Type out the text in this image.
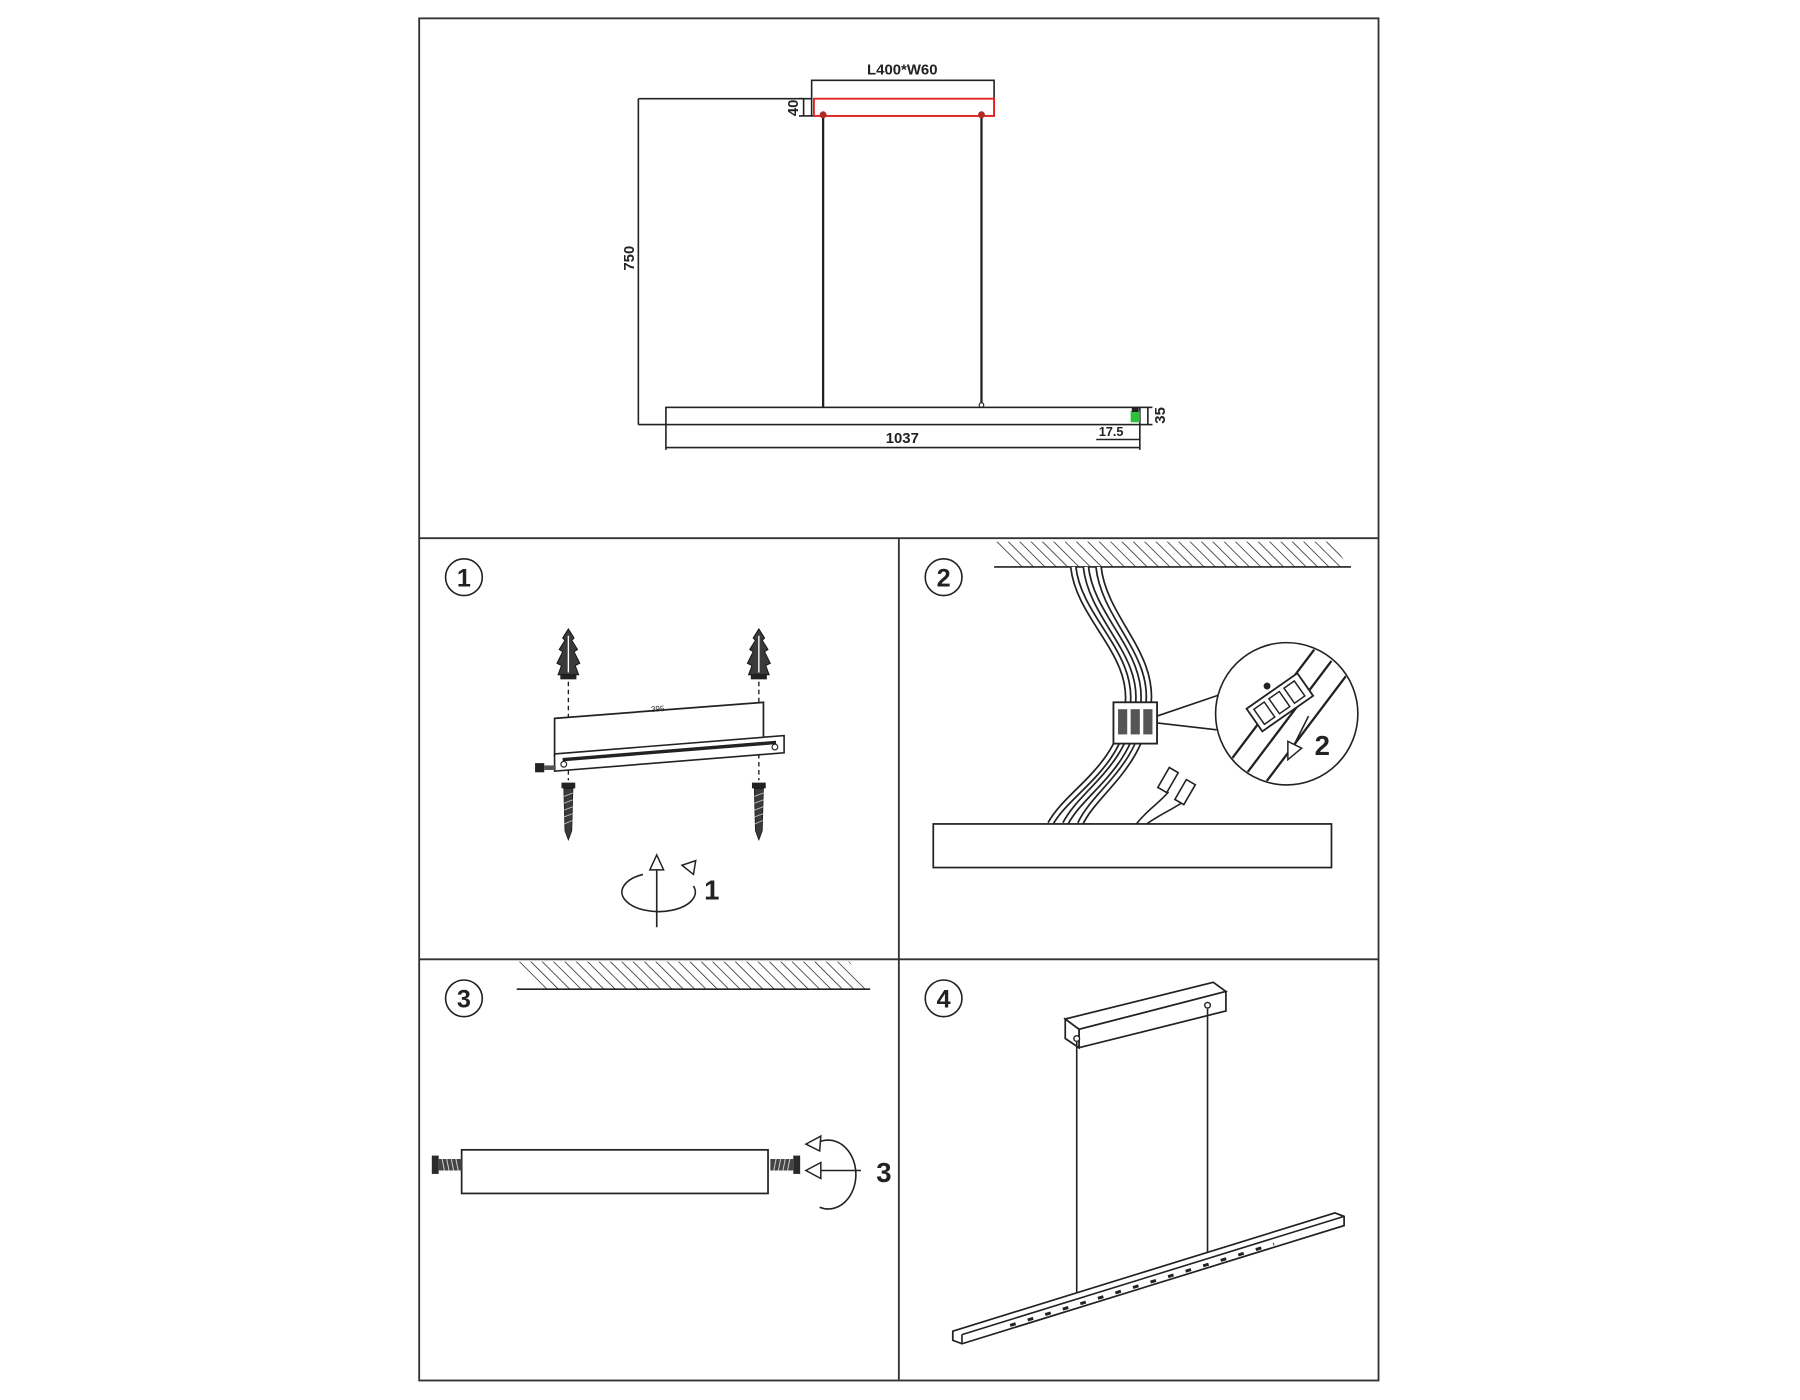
L400*W60
40
750
35
17.5
1037
1
395
1
2
2
3
3
4
